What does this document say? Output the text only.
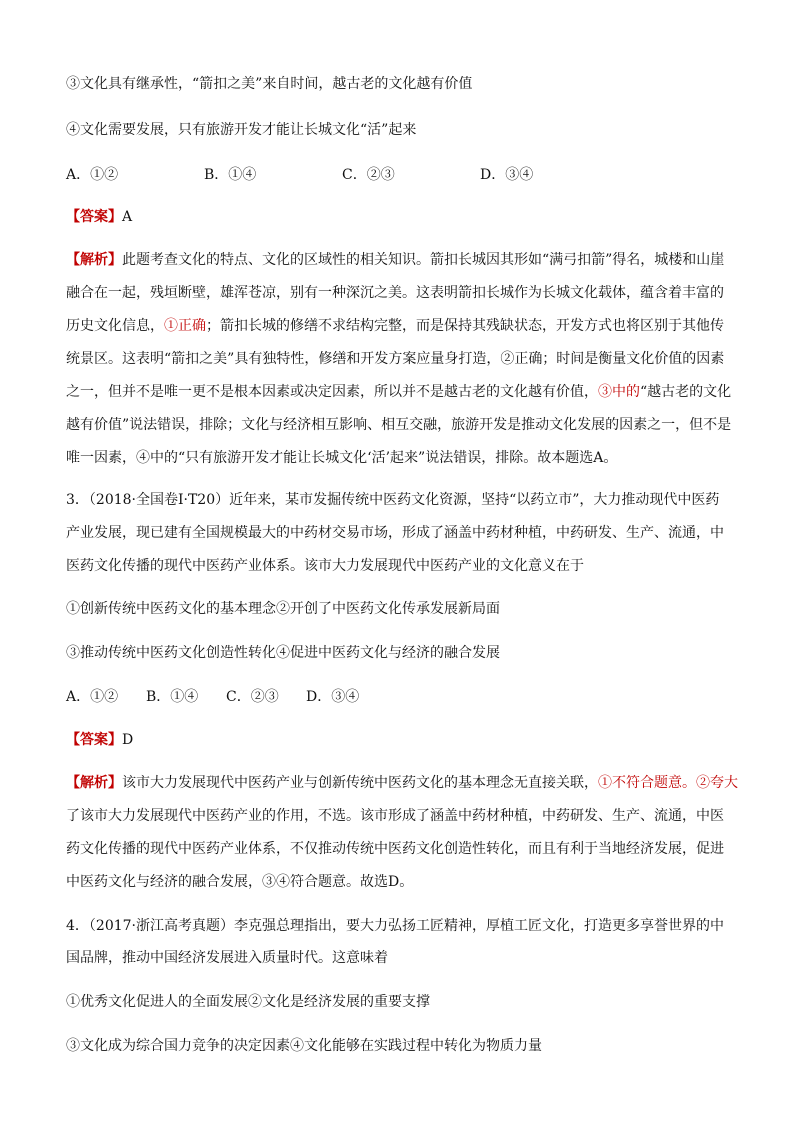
③文化具有继承性，“箭扣之美”来自时间，越古老的文化越有价值
④文化需要发展，只有旅游开发才能让长城文化“活”起来
A．①②	B．①④	C．②③	D．③④
【答案】A
【解析】此题考查文化的特点、文化的区域性的相关知识。箭扣长城因其形如“满弓扣箭”得名，城楼和山崖
融合在一起，残垣断壁，雄浑苍凉，别有一种深沉之美。这表明箭扣长城作为长城文化载体，蕴含着丰富的
历史文化信息，①正确；箭扣长城的修缮不求结构完整，而是保持其残缺状态，开发方式也将区别于其他传
统景区。这表明“箭扣之美”具有独特性，修缮和开发方案应量身打造，②正确；时间是衡量文化价值的因素
之一，但并不是唯一更不是根本因素或决定因素，所以并不是越古老的文化越有价值，③中的“越古老的文化
越有价值”说法错误，排除；文化与经济相互影响、相互交融，旅游开发是推动文化发展的因素之一，但不是
唯一因素，④中的“只有旅游开发才能让长城文化‘活’起来”说法错误，排除。故本题选A。
3．（2018·全国卷Ⅰ·T20）近年来，某市发掘传统中医药文化资源，坚持“以药立市”，大力推动现代中医药
产业发展，现已建有全国规模最大的中药材交易市场，形成了涵盖中药材种植，中药研发、生产、流通，中
医药文化传播的现代中医药产业体系。该市大力发展现代中医药产业的文化意义在于
①创新传统中医药文化的基本理念②开创了中医药文化传承发展新局面
③推动传统中医药文化创造性转化④促进中医药文化与经济的融合发展
A．①② B．①④ C．②③ D．③④
【答案】D
【解析】该市大力发展现代中医药产业与创新传统中医药文化的基本理念无直接关联，①不符合题意。②夸大
了该市大力发展现代中医药产业的作用，不选。该市形成了涵盖中药材种植，中药研发、生产、流通，中医
药文化传播的现代中医药产业体系，不仅推动传统中医药文化创造性转化，而且有利于当地经济发展，促进
中医药文化与经济的融合发展，③④符合题意。故选D。
4．（2017·浙江高考真题）李克强总理指出，要大力弘扬工匠精神，厚植工匠文化，打造更多享誉世界的中
国品牌，推动中国经济发展进入质量时代。这意味着
①优秀文化促进人的全面发展②文化是经济发展的重要支撑
③文化成为综合国力竞争的决定因素④文化能够在实践过程中转化为物质力量
